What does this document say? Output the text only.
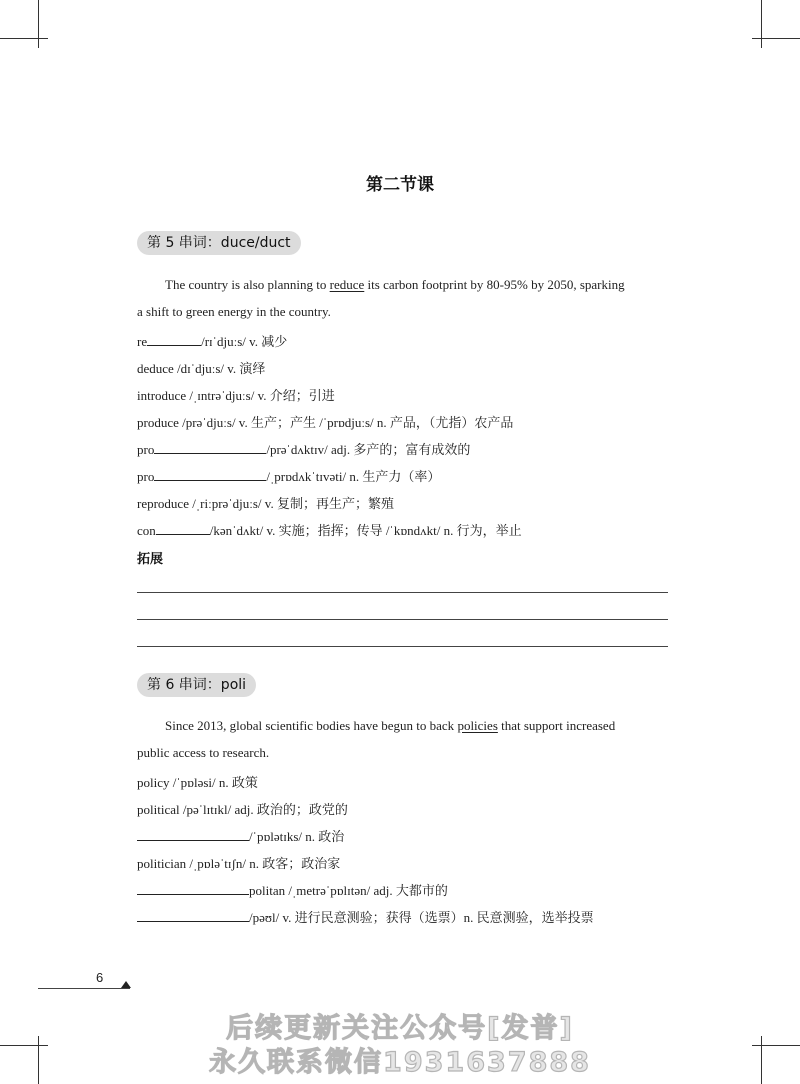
第二节课
第 5 串词：duce/duct
The country is also planning to reduce its carbon footprint by 80-95% by 2050, sparking
a shift to green energy in the country.
re	/rɪˈdjuːs/ v. 减少
deduce /dɪˈdjuːs/ v. 演绎
introduce /ˌɪntrəˈdjuːs/ v. 介绍；引进
produce /prəˈdjuːs/ v. 生产；产生 /ˈprɒdjuːs/ n. 产品，（尤指）农产品
pro	/prəˈdʌktɪv/ adj. 多产的；富有成效的
pro	/ˌprɒdʌkˈtɪvəti/ n. 生产力（率）
reproduce /ˌriːprəˈdjuːs/ v. 复制；再生产；繁殖
con	/kənˈdʌkt/ v. 实施；指挥；传导 /ˈkɒndʌkt/ n. 行为，举止
拓展
第 6 串词：poli
Since 2013, global scientific bodies have begun to back policies that support increased
public access to research.
policy /ˈpɒləsi/ n. 政策
political /pəˈlɪtɪkl/ adj. 政治的；政党的
/ˈpɒlətɪks/ n. 政治
politician /ˌpɒləˈtɪʃn/ n. 政客；政治家
politan /ˌmetrəˈpɒlɪtən/ adj. 大都市的
/pəʊl/ v. 进行民意测验；获得（选票）n. 民意测验，选举投票
6
后续更新关注公众号[发普]
永久联系微信1931637888
